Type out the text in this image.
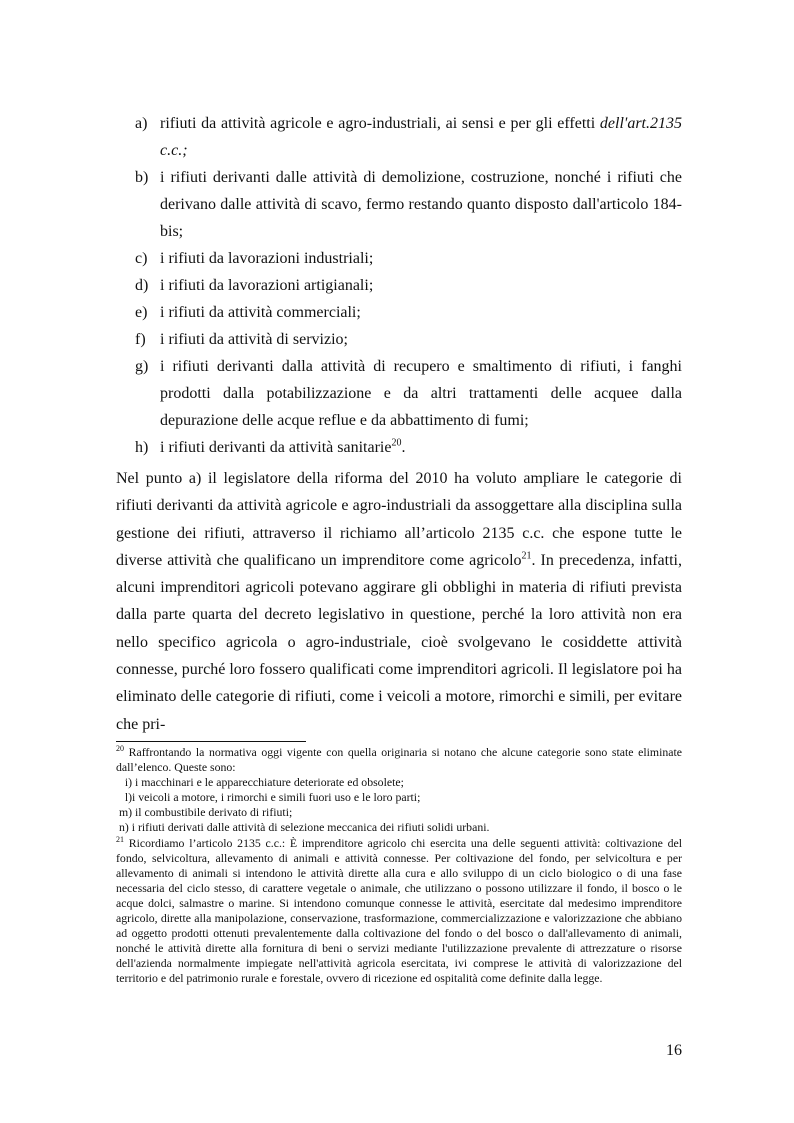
a) rifiuti da attività agricole e agro-industriali, ai sensi e per gli effetti dell'art.2135 c.c.;
b) i rifiuti derivanti dalle attività di demolizione, costruzione, nonché i rifiuti che derivano dalle attività di scavo, fermo restando quanto disposto dall'articolo 184-bis;
c) i rifiuti da lavorazioni industriali;
d) i rifiuti da lavorazioni artigianali;
e) i rifiuti da attività commerciali;
f) i rifiuti da attività di servizio;
g) i rifiuti derivanti dalla attività di recupero e smaltimento di rifiuti, i fanghi prodotti dalla potabilizzazione e da altri trattamenti delle acquee dalla depurazione delle acque reflue e da abbattimento di fumi;
h) i rifiuti derivanti da attività sanitarie$^{20}$.

Nel punto a) il legislatore della riforma del 2010 ha voluto ampliare le categorie di rifiuti derivanti da attività agricole e agro-industriali da assoggettare alla disciplina sulla gestione dei rifiuti, attraverso il richiamo all’articolo 2135 c.c. che espone tutte le diverse attività che qualificano un imprenditore come agricolo$^{21}$. In precedenza, infatti, alcuni imprenditori agricoli potevano aggirare gli obblighi in materia di rifiuti prevista dalla parte quarta del decreto legislativo in questione, perché la loro attività non era nello specifico agricola o agro-industriale, cioè svolgevano le cosiddette attività connesse, purché loro fossero qualificati come imprenditori agricoli. Il legislatore poi ha eliminato delle categorie di rifiuti, come i veicoli a motore, rimorchi e simili, per evitare che pri-

$^{20}$ Raffrontando la normativa oggi vigente con quella originaria si notano che alcune categorie sono state eliminate dall’elenco. Queste sono:

i) i macchinari e le apparecchiature deteriorate ed obsolete;

l)i veicoli a motore, i rimorchi e simili fuori uso e le loro parti;

m) il combustibile derivato di rifiuti;

n) i rifiuti derivati dalle attività di selezione meccanica dei rifiuti solidi urbani.

$^{21}$ Ricordiamo l’articolo 2135 c.c.: È imprenditore agricolo chi esercita una delle seguenti attività: coltivazione del fondo, selvicoltura, allevamento di animali e attività connesse. Per coltivazione del fondo, per selvicoltura e per allevamento di animali si intendono le attività dirette alla cura e allo sviluppo di un ciclo biologico o di una fase necessaria del ciclo stesso, di carattere vegetale o animale, che utilizzano o possono utilizzare il fondo, il bosco o le acque dolci, salmastre o marine. Si intendono comunque connesse le attività, esercitate dal medesimo imprenditore agricolo, dirette alla manipolazione, conservazione, trasformazione, commercializzazione e valorizzazione che abbiano ad oggetto prodotti ottenuti prevalentemente dalla coltivazione del fondo o del bosco o dall'allevamento di animali, nonché le attività dirette alla fornitura di beni o servizi mediante l'utilizzazione prevalente di attrezzature o risorse dell'azienda normalmente impiegate nell'attività agricola esercitata, ivi comprese le attività di valorizzazione del territorio e del patrimonio rurale e forestale, ovvero di ricezione ed ospitalità come definite dalla legge.

16
